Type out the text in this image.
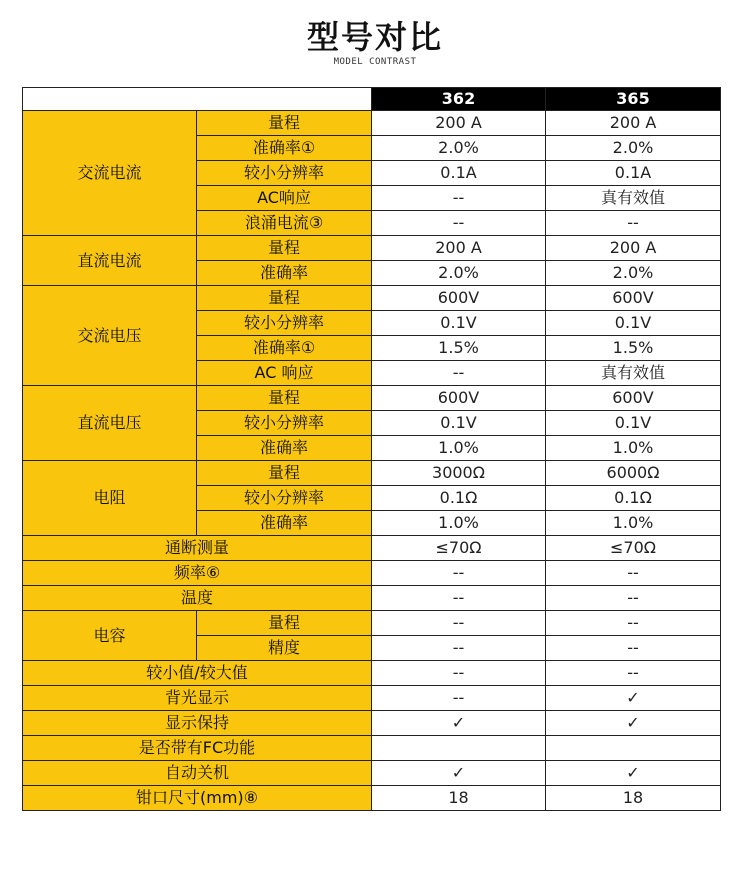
型号对比
MODEL CONTRAST
		362	365
交流电流	量程	200 A	200 A
	准确率①	2.0%	2.0%
	较小分辨率	0.1A	0.1A
	AC响应	--	真有效值
	浪涌电流③	--	--
直流电流	量程	200 A	200 A
	准确率	2.0%	2.0%
交流电压	量程	600V	600V
	较小分辨率	0.1V	0.1V
	准确率①	1.5%	1.5%
	AC 响应	--	真有效值
直流电压	量程	600V	600V
	较小分辨率	0.1V	0.1V
	准确率	1.0%	1.0%
电阻	量程	3000Ω	6000Ω
	较小分辨率	0.1Ω	0.1Ω
	准确率	1.0%	1.0%
通断测量		≤70Ω	≤70Ω
频率⑥		--	--
温度		--	--
电容	量程	--	--
	精度	--	--
较小值/较大值		--	--
背光显示		--	✓
显示保持		✓	✓
是否带有FC功能			
自动关机		✓	✓
钳口尺寸(mm)⑧		18	18
